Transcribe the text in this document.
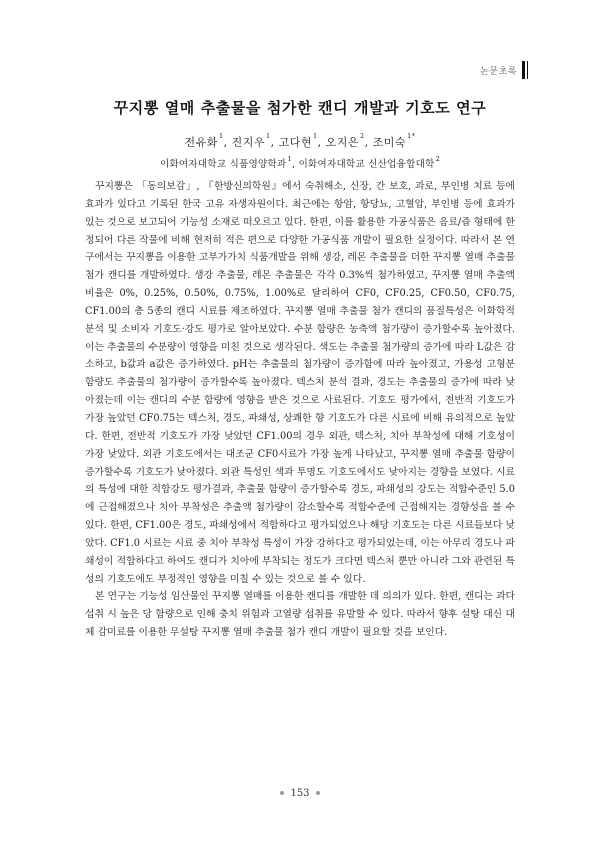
논문초록
꾸지뽕 열매 추출물을 첨가한 캔디 개발과 기호도 연구
전유화$^1$, 진지우$^1$, 고다현$^1$, 오지은$^2$, 조미숙$^{1*}$
이화여자대학교 식품영양학과$^1$, 이화여자대학교 신산업융합대학$^2$

꾸지뽕은 「동의보감」, 『한방신의학원』에서 숙취해소, 신장, 간 보호, 과로, 부인병 치료 등에 효과가 있다고 기록된 한국 고유 자생자원이다. 최근에는 항암, 항당뇨, 고혈압, 부인병 등에 효과가 있는 것으로 보고되어 기능성 소재로 떠오르고 있다. 한편, 이를 활용한 가공식품은 음료/즙 형태에 한정되어 다른 작물에 비해 현저히 적은 편으로 다양한 가공식품 개발이 필요한 실정이다. 따라서 본 연구에서는 꾸지뽕을 이용한 고부가가치 식품개발을 위해 생강, 레몬 추출물을 더한 꾸지뽕 열매 추출물 첨가 캔디를 개발하였다. 생강 추출물, 레몬 추출물은 각각 0.3%씩 첨가하였고, 꾸지뽕 열매 추출액 비율은 0%, 0.25%, 0.50%, 0.75%, 1.00%로 달리하여 CF0, CF0.25, CF0.50, CF0.75, CF1.00의 총 5종의 캔디 시료를 제조하였다. 꾸지뽕 열매 추출물 첨가 캔디의 품질특성은 이화학적 분석 및 소비자 기호도·강도 평가로 알아보았다. 수분 함량은 농축액 첨가량이 증가할수록 높아졌다. 이는 추출물의 수분량이 영향을 미친 것으로 생각된다. 색도는 추출물 첨가량의 증가에 따라 L값은 감소하고, b값과 a값은 증가하였다. pH는 추출물의 첨가량이 증가함에 따라 높아졌고, 가용성 고형분 함량도 추출물의 첨가량이 증가할수록 높아졌다. 텍스처 분석 결과, 경도는 추출물의 증가에 따라 낮아졌는데 이는 캔디의 수분 함량에 영향을 받은 것으로 사료된다. 기호도 평가에서, 전반적 기호도가 가장 높았던 CF0.75는 텍스처, 경도, 파쇄성, 상쾌한 향 기호도가 다른 시료에 비해 유의적으로 높았다. 한편, 전반적 기호도가 가장 낮았던 CF1.00의 경우 외관, 텍스처, 치아 부착성에 대해 기호성이 가장 낮았다. 외관 기호도에서는 대조군 CF0시료가 가장 높게 나타났고, 꾸지뽕 열매 추출물 함량이 증가할수록 기호도가 낮아졌다. 외관 특성인 색과 투명도 기호도에서도 낮아지는 경향을 보였다. 시료의 특성에 대한 적합강도 평가결과, 추출물 함량이 증가할수록 경도, 파쇄성의 강도는 적합수준인 5.0에 근접해졌으나 치아 부착성은 추출액 첨가량이 감소할수록 적합수준에 근접해지는 경향성을 볼 수 있다. 한편, CF1.00은 경도, 파쇄성에서 적합하다고 평가되었으나 해당 기호도는 다른 시료들보다 낮았다. CF1.0 시료는 시료 중 치아 부착성 특성이 가장 강하다고 평가되었는데, 이는 아무리 경도나 파쇄성이 적합하다고 하여도 캔디가 치아에 부착되는 정도가 크다면 텍스처 뿐만 아니라 그와 관련된 특성의 기호도에도 부정적인 영향을 미칠 수 있는 것으로 볼 수 있다.

본 연구는 기능성 임산물인 꾸지뽕 열매를 이용한 캔디를 개발한 데 의의가 있다. 한편, 캔디는 과다섭취 시 높은 당 함량으로 인해 충치 위험과 고열량 섭취를 유발할 수 있다. 따라서 향후 설탕 대신 대체 감미료를 이용한 무설탕 꾸지뽕 열매 추출물 첨가 캔디 개발이 필요할 것을 보인다.

153
